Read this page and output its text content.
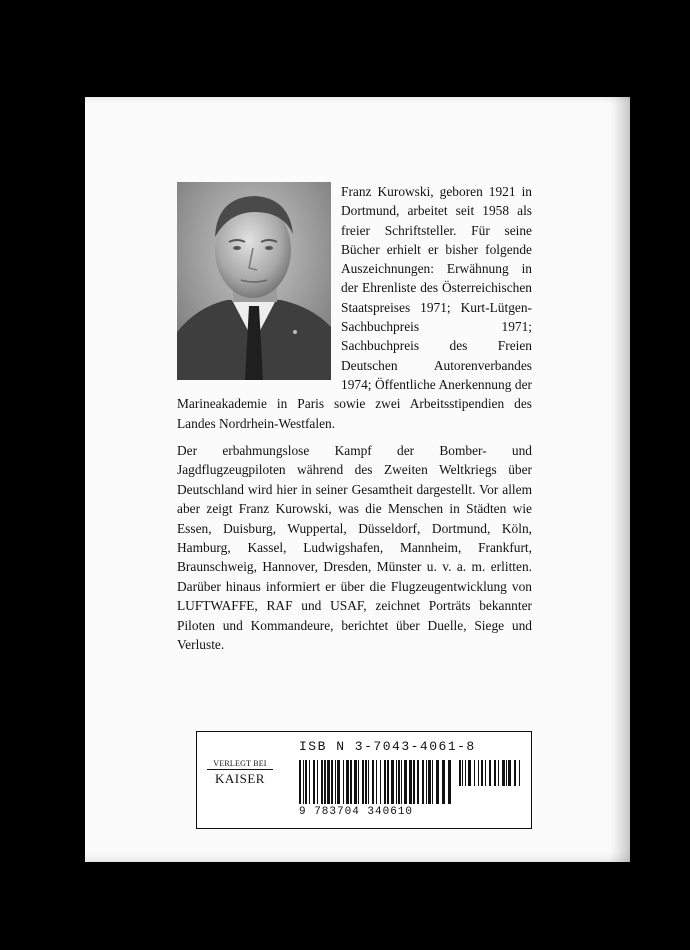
Franz Kurowski, geboren 1921 in Dortmund, arbeitet seit 1958 als freier Schriftsteller. Für seine Bücher erhielt er bisher folgende Auszeichnungen: Erwähnung in der Ehrenliste des Österreichischen Staatspreises 1971; Kurt-Lütgen-Sachbuchpreis 1971; Sachbuchpreis des Freien Deutschen Autorenverbandes 1974; Öffentliche Anerkennung der Marineakademie in Paris sowie zwei Arbeitsstipendien des Landes Nordrhein-Westfalen.

Der erbahmungslose Kampf der Bomber- und Jagdflugzeugpiloten während des Zweiten Weltkriegs über Deutschland wird hier in seiner Gesamtheit dargestellt. Vor allem aber zeigt Franz Kurowski, was die Menschen in Städten wie Essen, Duisburg, Wuppertal, Düsseldorf, Dortmund, Köln, Hamburg, Kassel, Ludwigshafen, Mannheim, Frankfurt, Braunschweig, Hannover, Dresden, Münster u. v. a. m. erlitten. Darüber hinaus informiert er über die Flugzeugentwicklung von LUFTWAFFE, RAF und USAF, zeichnet Porträts bekannter Piloten und Kommandeure, berichtet über Duelle, Siege und Verluste.

VERLEGT BEI
KAISER
ISB N 3-7043-4061-8
9 783704 340610
